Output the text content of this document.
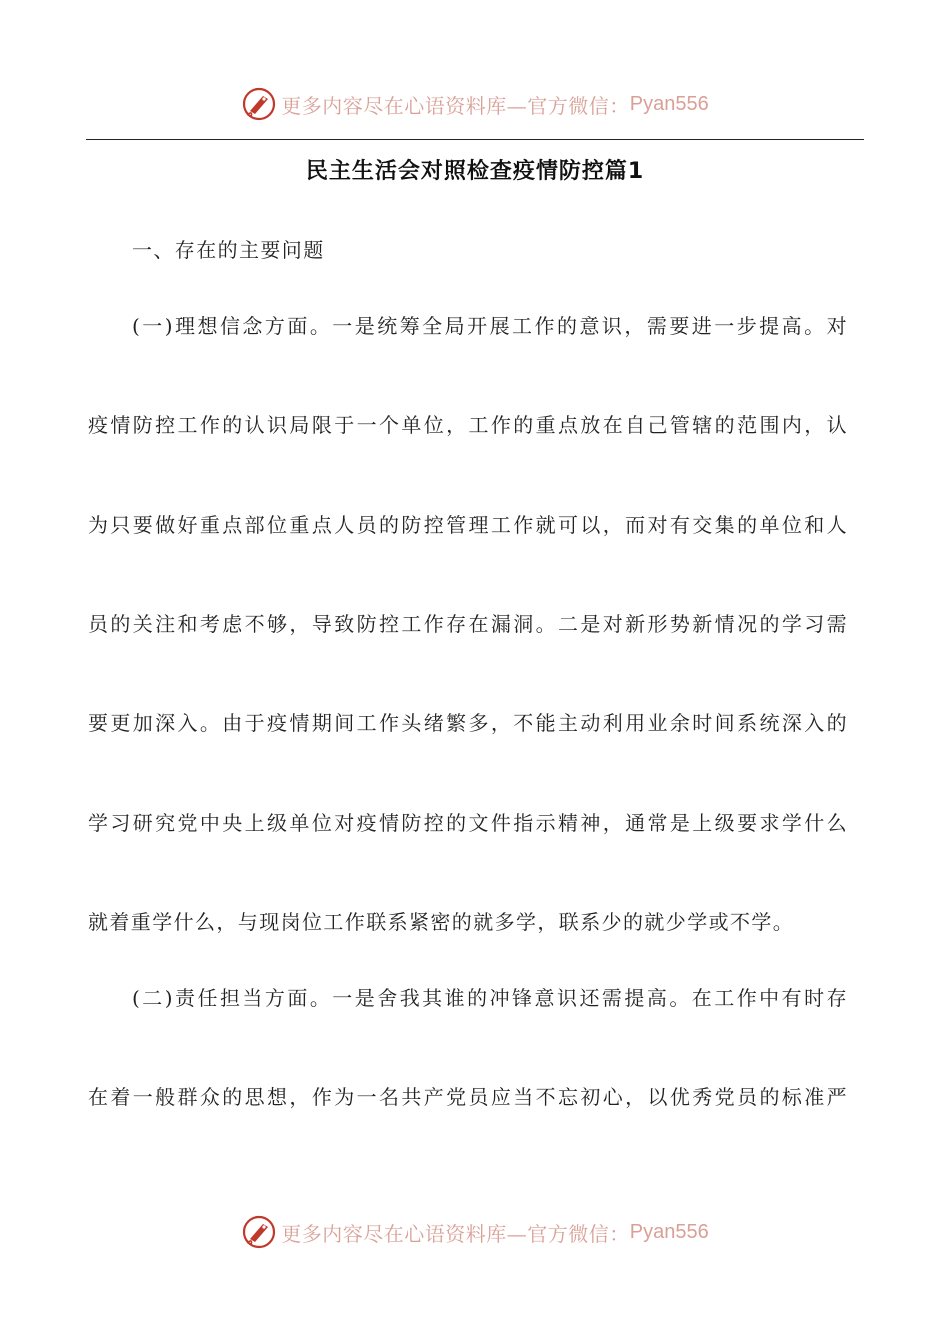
更多内容尽在心语资料库—官方微信： Pyan556
民主生活会对照检查疫情防控篇1
一、存在的主要问题
(一)理想信念方面。一是统筹全局开展工作的意识，需要进一步提高。对
疫情防控工作的认识局限于一个单位，工作的重点放在自己管辖的范围内，认
为只要做好重点部位重点人员的防控管理工作就可以，而对有交集的单位和人
员的关注和考虑不够，导致防控工作存在漏洞。二是对新形势新情况的学习需
要更加深入。由于疫情期间工作头绪繁多，不能主动利用业余时间系统深入的
学习研究党中央上级单位对疫情防控的文件指示精神，通常是上级要求学什么
就着重学什么，与现岗位工作联系紧密的就多学，联系少的就少学或不学。
(二)责任担当方面。一是舍我其谁的冲锋意识还需提高。在工作中有时存
在着一般群众的思想，作为一名共产党员应当不忘初心，以优秀党员的标准严
更多内容尽在心语资料库—官方微信： Pyan556
